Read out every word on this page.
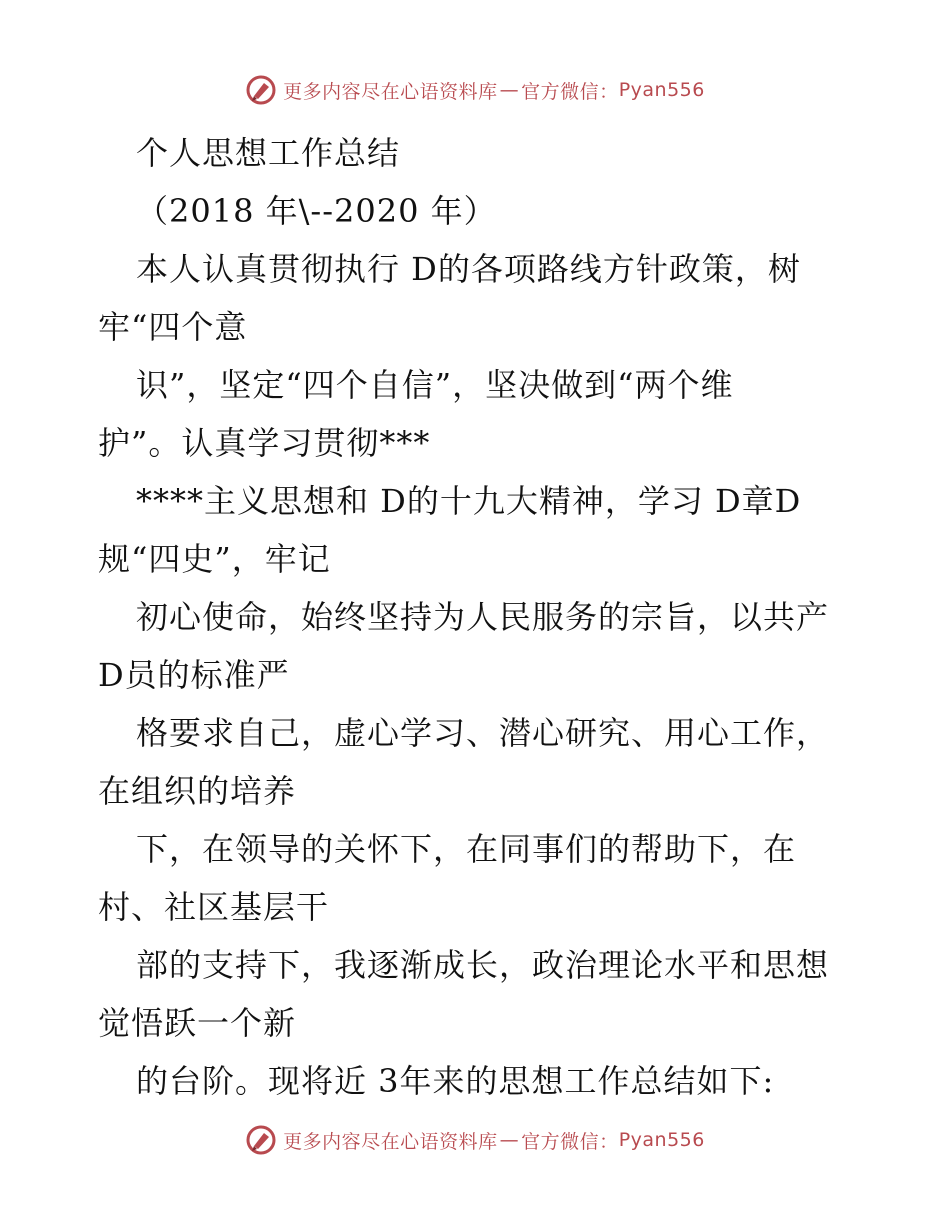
更多内容尽在心语资料库 — 官方微信： Pyan556
个人思想工作总结
（2018 年\--2020 年）
本人认真贯彻执行 D的各项路线方针政策，树
牢“四个意
识”，坚定“四个自信”，坚决做到“两个维
护”。认真学习贯彻***
****主义思想和 D的十九大精神，学习 D章D
规“四史”，牢记
初心使命，始终坚持为人民服务的宗旨，以共产
D员的标准严
格要求自己，虚心学习、潜心研究、用心工作，
在组织的培养
下，在领导的关怀下，在同事们的帮助下，在
村、社区基层干
部的支持下，我逐渐成长，政治理论水平和思想
觉悟跃一个新
的台阶。现将近 3年来的思想工作总结如下:
更多内容尽在心语资料库 — 官方微信： Pyan556
